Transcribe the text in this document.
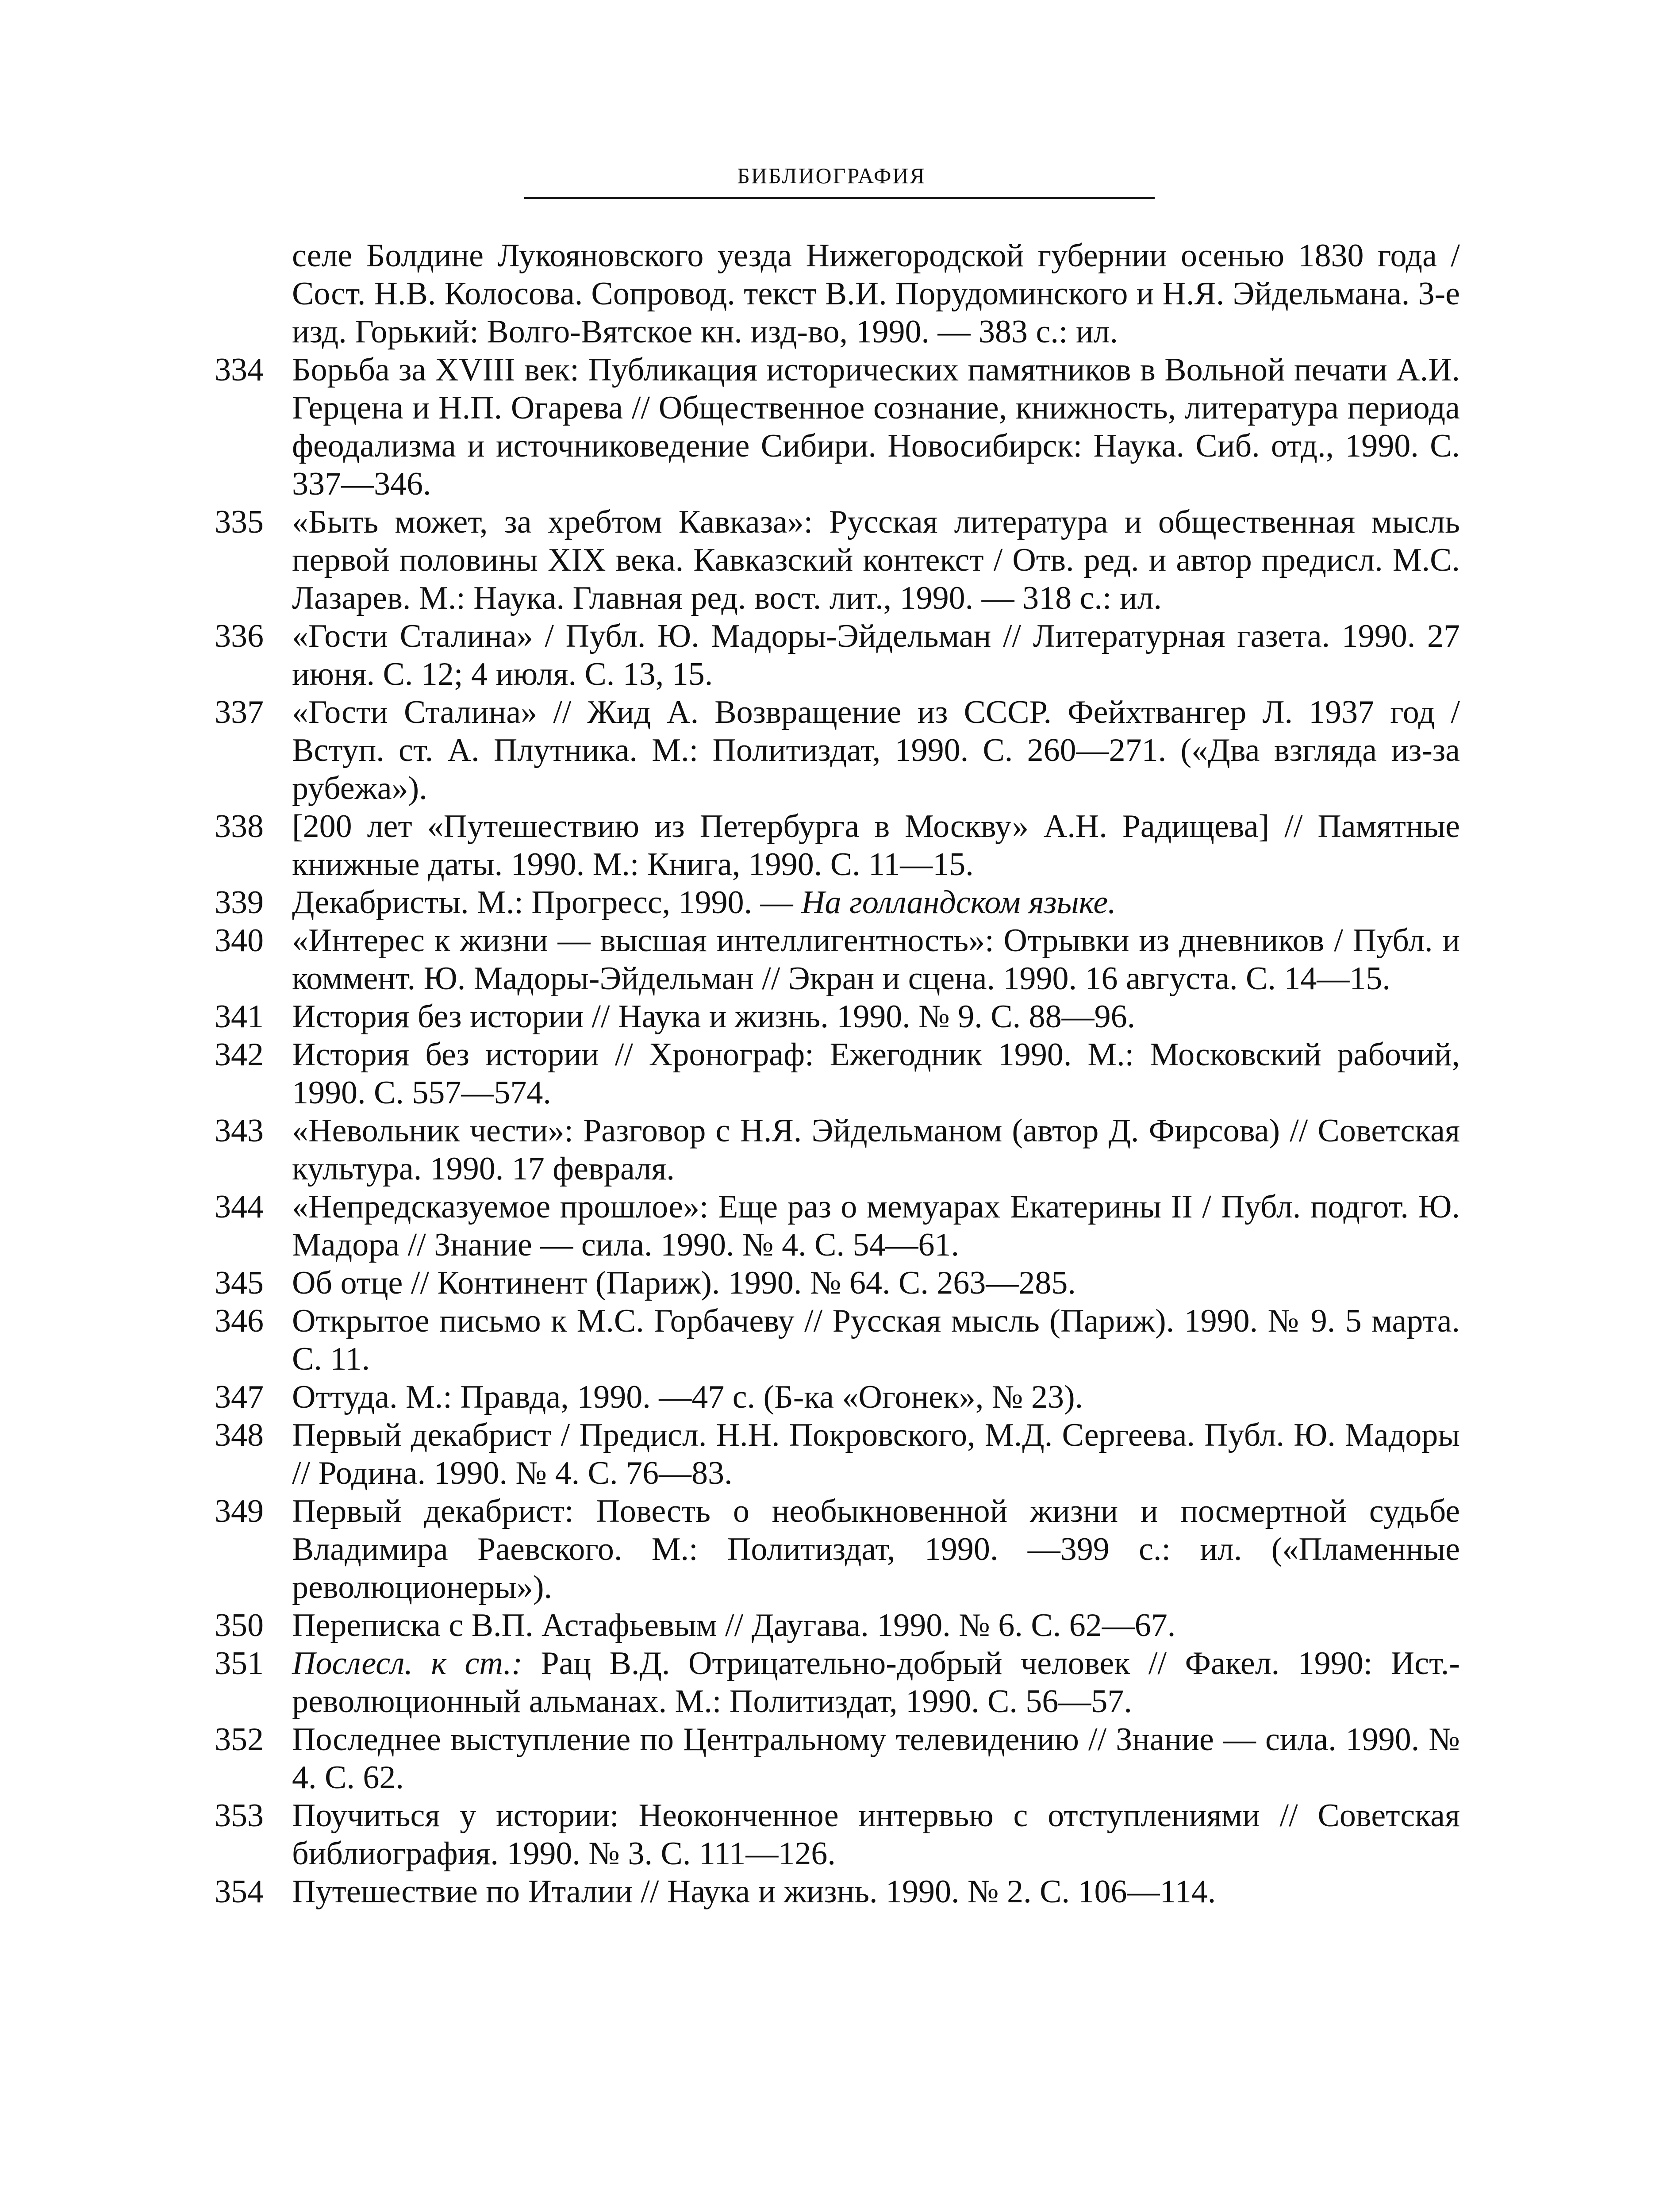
БИБЛИОГРАФИЯ
селе Болдине Лукояновского уезда Нижегородской губернии осенью 1830 года / Сост. Н.В. Колосова. Сопровод. текст В.И. Порудоминского и Н.Я. Эйдельмана. 3-е изд. Горький: Волго-Вятское кн. изд-во, 1990. — 383 с.: ил.
334 Борьба за XVIII век: Публикация исторических памятников в Вольной печати А.И. Герцена и Н.П. Огарева // Общественное сознание, книжность, литература периода феодализма и источниковедение Сибири. Новосибирск: Наука. Сиб. отд., 1990. С. 337—346.
335 «Быть может, за хребтом Кавказа»: Русская литература и общественная мысль первой половины XIX века. Кавказский контекст / Отв. ред. и автор предисл. М.С. Лазарев. М.: Наука. Главная ред. вост. лит., 1990. — 318 с.: ил.
336 «Гости Сталина» / Публ. Ю. Мадоры-Эйдельман // Литературная газета. 1990. 27 июня. С. 12; 4 июля. С. 13, 15.
337 «Гости Сталина» // Жид А. Возвращение из СССР. Фейхтвангер Л. 1937 год / Вступ. ст. А. Плутника. М.: Политиздат, 1990. С. 260—271. («Два взгляда из-за рубежа»).
338 [200 лет «Путешествию из Петербурга в Москву» А.Н. Радищева] // Памятные книжные даты. 1990. М.: Книга, 1990. С. 11—15.
339 Декабристы. М.: Прогресс, 1990. — На голландском языке.
340 «Интерес к жизни — высшая интеллигентность»: Отрывки из дневников / Публ. и коммент. Ю. Мадоры-Эйдельман // Экран и сцена. 1990. 16 августа. С. 14—15.
341 История без истории // Наука и жизнь. 1990. № 9. С. 88—96.
342 История без истории // Хронограф: Ежегодник 1990. М.: Московский рабочий, 1990. С. 557—574.
343 «Невольник чести»: Разговор с Н.Я. Эйдельманом (автор Д. Фирсова) // Советская культура. 1990. 17 февраля.
344 «Непредсказуемое прошлое»: Еще раз о мемуарах Екатерины II / Публ. подгот. Ю. Мадора // Знание — сила. 1990. № 4. С. 54—61.
345 Об отце // Континент (Париж). 1990. № 64. С. 263—285.
346 Открытое письмо к М.С. Горбачеву // Русская мысль (Париж). 1990. № 9. 5 марта. С. 11.
347 Оттуда. М.: Правда, 1990. —47 с. (Б-ка «Огонек», № 23).
348 Первый декабрист / Предисл. Н.Н. Покровского, М.Д. Сергеева. Публ. Ю. Мадоры // Родина. 1990. № 4. С. 76—83.
349 Первый декабрист: Повесть о необыкновенной жизни и посмертной судьбе Владимира Раевского. М.: Политиздат, 1990. —399 с.: ил. («Пламенные революционеры»).
350 Переписка с В.П. Астафьевым // Даугава. 1990. № 6. С. 62—67.
351 Послесл. к ст.: Рац В.Д. Отрицательно-добрый человек // Факел. 1990: Ист.-революционный альманах. М.: Политиздат, 1990. С. 56—57.
352 Последнее выступление по Центральному телевидению // Знание — сила. 1990. № 4. С. 62.
353 Поучиться у истории: Неоконченное интервью с отступлениями // Советская библиография. 1990. № 3. С. 111—126.
354 Путешествие по Италии // Наука и жизнь. 1990. № 2. С. 106—114.
